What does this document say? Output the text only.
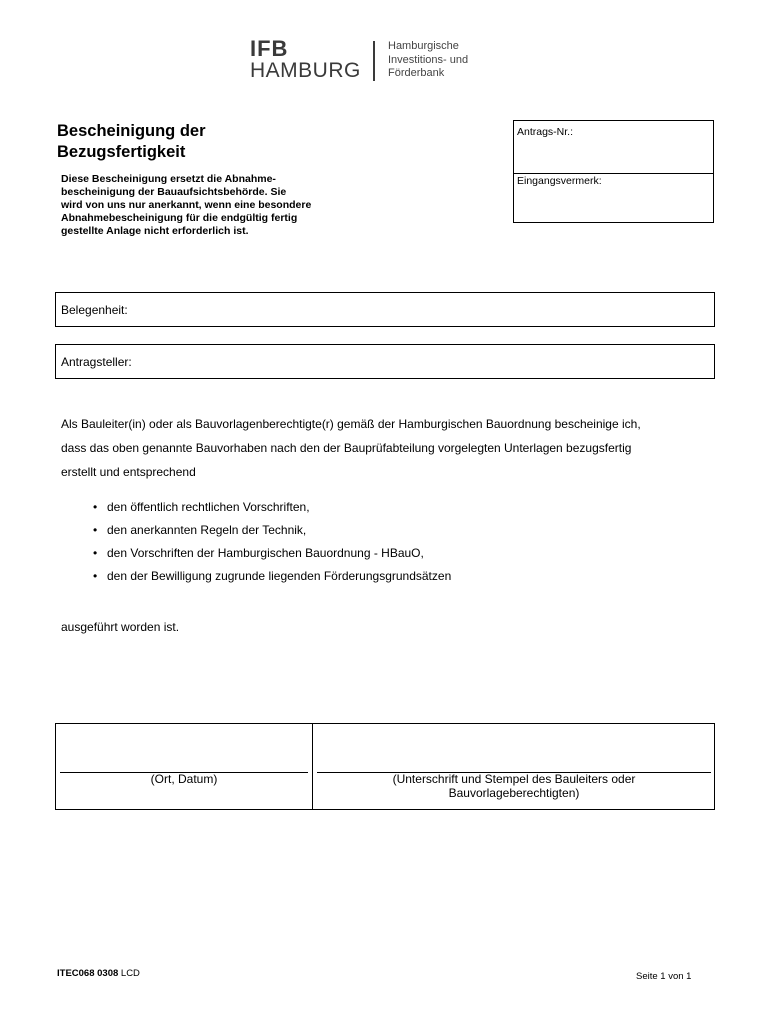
IFB
HAMBURG
Hamburgische
Investitions- und
Förderbank
Bescheinigung der
Bezugsfertigkeit
Diese Bescheinigung ersetzt die Abnahme-
bescheinigung der Bauaufsichtsbehörde. Sie
wird von uns nur anerkannt, wenn eine besondere
Abnahmebescheinigung für die endgültig fertig
gestellte Anlage nicht erforderlich ist.
Antrags-Nr.:
Eingangsvermerk:
Belegenheit:
Antragsteller:
Als Bauleiter(in) oder als Bauvorlagenberechtigte(r) gemäß der Hamburgischen Bauordnung bescheinige ich,
dass das oben genannte Bauvorhaben nach den der Bauprüfabteilung vorgelegten Unterlagen bezugsfertig
erstellt und entsprechend
• den öffentlich rechtlichen Vorschriften,
• den anerkannten Regeln der Technik,
• den Vorschriften der Hamburgischen Bauordnung - HBauO,
• den der Bewilligung zugrunde liegenden Förderungsgrundsätzen
ausgeführt worden ist.
(Ort, Datum)	(Unterschrift und Stempel des Bauleiters oder
Bauvorlageberechtigten)
ITEC068 0308 LCD	Seite 1 von 1
